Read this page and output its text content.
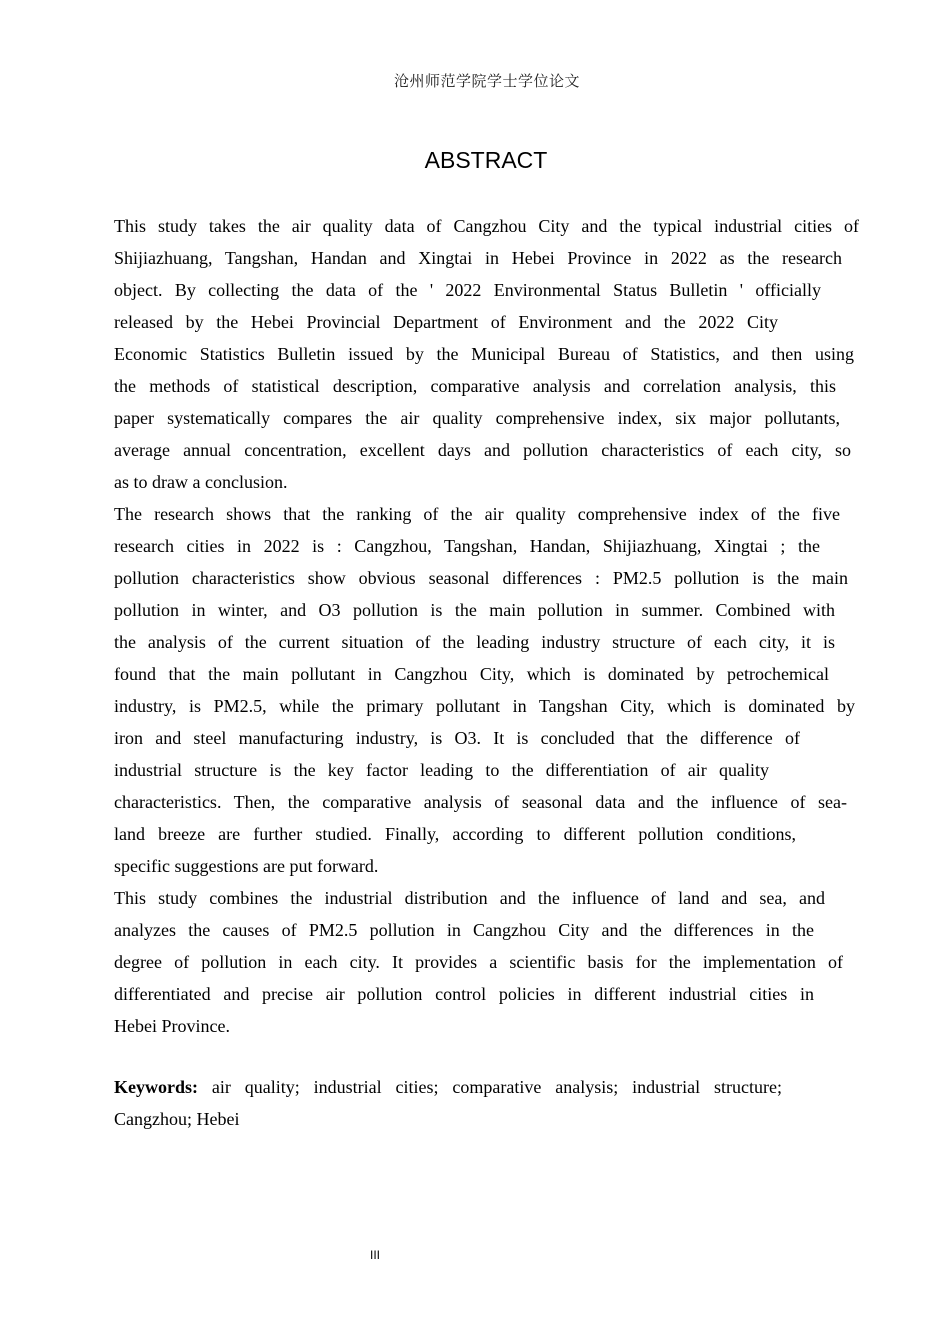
沧州师范学院学士学位论文
ABSTRACT
This study takes the air quality data of Cangzhou City and the typical industrial cities of
Shijiazhuang, Tangshan, Handan and Xingtai in Hebei Province in 2022 as the research
object. By collecting the data of the ' 2022 Environmental Status Bulletin ' officially
released by the Hebei Provincial Department of Environment and the 2022 City
Economic Statistics Bulletin issued by the Municipal Bureau of Statistics, and then using
the methods of statistical description, comparative analysis and correlation analysis, this
paper systematically compares the air quality comprehensive index, six major pollutants,
average annual concentration, excellent days and pollution characteristics of each city, so
as to draw a conclusion.
The research shows that the ranking of the air quality comprehensive index of the five
research cities in 2022 is : Cangzhou, Tangshan, Handan, Shijiazhuang, Xingtai ; the
pollution characteristics show obvious seasonal differences : PM2.5 pollution is the main
pollution in winter, and O3 pollution is the main pollution in summer. Combined with
the analysis of the current situation of the leading industry structure of each city, it is
found that the main pollutant in Cangzhou City, which is dominated by petrochemical
industry, is PM2.5, while the primary pollutant in Tangshan City, which is dominated by
iron and steel manufacturing industry, is O3. It is concluded that the difference of
industrial structure is the key factor leading to the differentiation of air quality
characteristics. Then, the comparative analysis of seasonal data and the influence of sea-
land breeze are further studied. Finally, according to different pollution conditions,
specific suggestions are put forward.
This study combines the industrial distribution and the influence of land and sea, and
analyzes the causes of PM2.5 pollution in Cangzhou City and the differences in the
degree of pollution in each city. It provides a scientific basis for the implementation of
differentiated and precise air pollution control policies in different industrial cities in
Hebei Province.
Keywords: air quality; industrial cities; comparative analysis; industrial structure;
Cangzhou; Hebei
III
